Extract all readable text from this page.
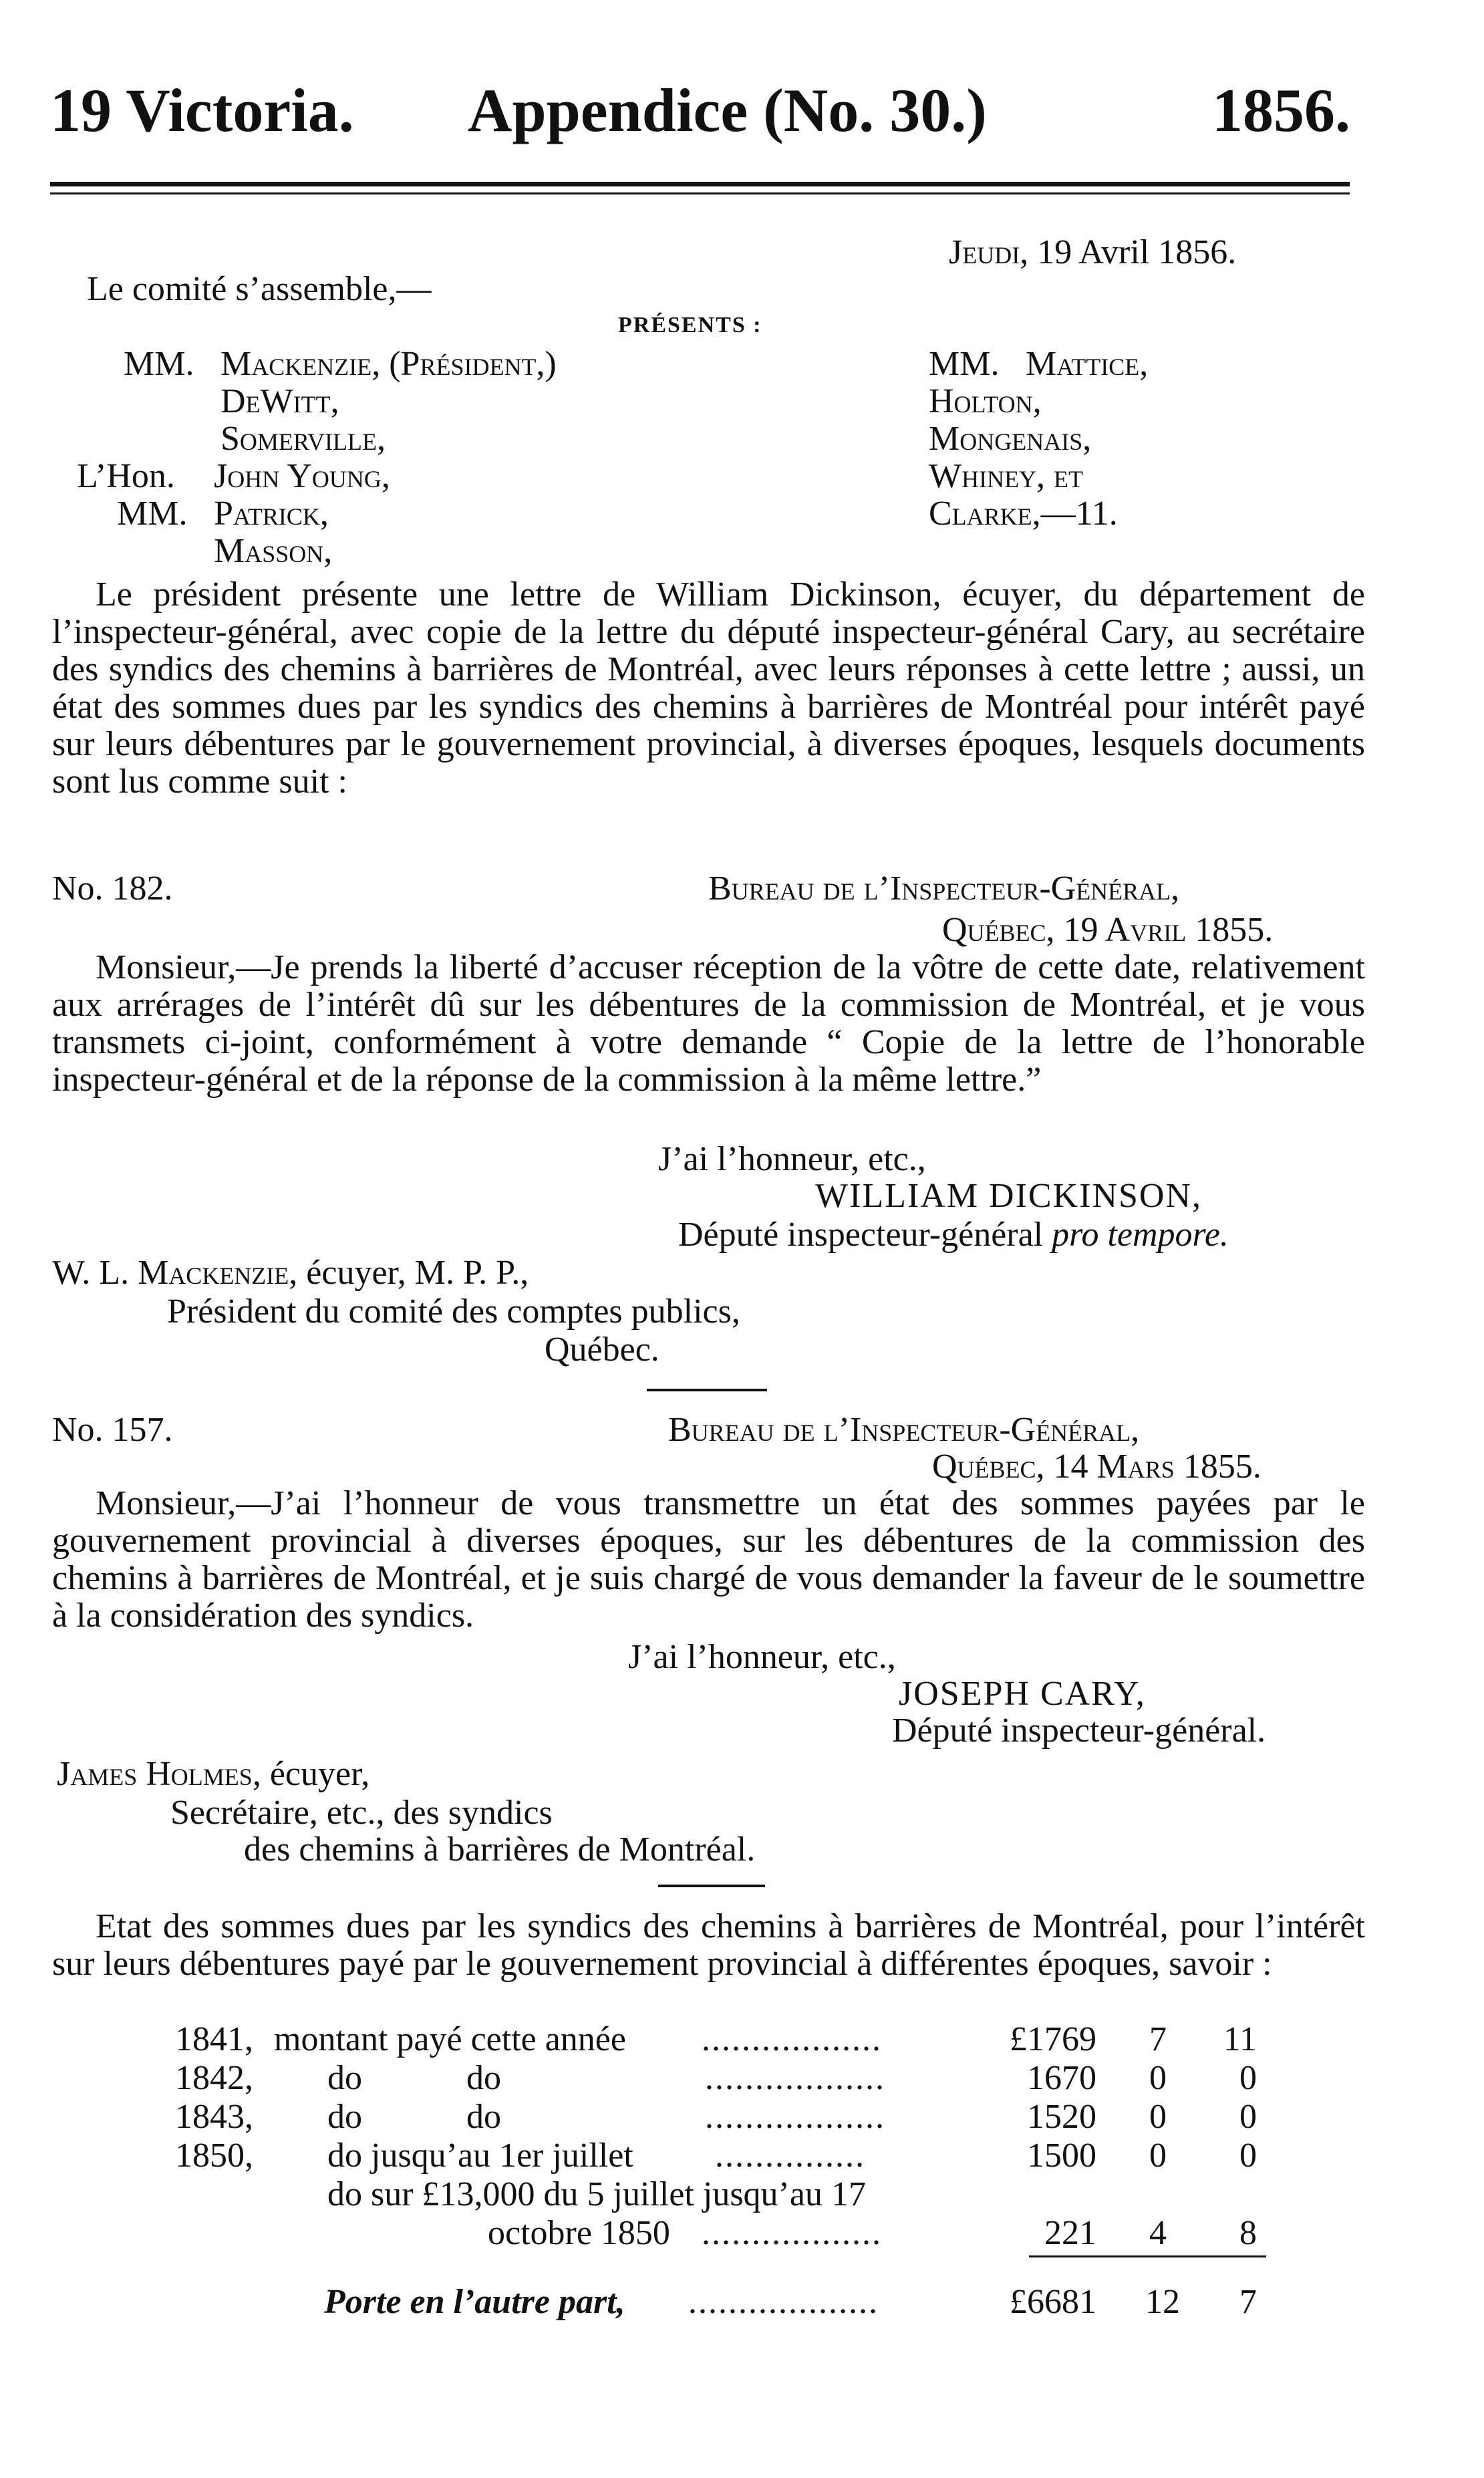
19 Victoria. Appendice (No. 30.)	1856.
Jeudi, 19 Avril 1856.
Le comité s’assemble,—
PRÉSENTS :
MM. Mackenzie, (Président,)
DeWitt,
Somerville,
L’Hon. John Young,
MM. Patrick,
Masson,
MM. Mattice,
Holton,
Mongenais,
Whiney, et
Clarke,—11.
Le président présente une lettre de William Dickinson, écuyer, du département de l’inspecteur-général, avec copie de la lettre du député inspecteur-général Cary, au secrétaire des syndics des chemins à barrières de Montréal, avec leurs réponses à cette lettre ; aussi, un état des sommes dues par les syndics des chemins à barrières de Montréal pour intérêt payé sur leurs débentures par le gouvernement provincial, à diverses époques, lesquels documents sont lus comme suit :
No. 182.	Bureau de l’Inspecteur-Général,
Québec, 19 Avril 1855.
Monsieur,—Je prends la liberté d’accuser réception de la vôtre de cette date, relativement aux arrérages de l’intérêt dû sur les débentures de la commission de Montréal, et je vous transmets ci-joint, conformément à votre demande “ Copie de la lettre de l’honorable inspecteur-général et de la réponse de la commission à la même lettre.”
J’ai l’honneur, etc.,
WILLIAM DICKINSON,
Député inspecteur-général pro tempore.
W. L. Mackenzie, écuyer, M. P. P.,
Président du comité des comptes publics,
Québec.
No. 157.	Bureau de l’Inspecteur-Général,
Québec, 14 Mars 1855.
Monsieur,—J’ai l’honneur de vous transmettre un état des sommes payées par le gouvernement provincial à diverses époques, sur les débentures de la commission des chemins à barrières de Montréal, et je suis chargé de vous demander la faveur de le soumettre à la considération des syndics.
J’ai l’honneur, etc.,
JOSEPH CARY,
Député inspecteur-général.
James Holmes, écuyer,
Secrétaire, etc., des syndics
des chemins à barrières de Montréal.
Etat des sommes dues par les syndics des chemins à barrières de Montréal, pour l’intérêt sur leurs débentures payé par le gouvernement provincial à différentes époques, savoir :
1841, montant payé cette année ..................	£1769 7 11
1842, do            do	..................	1670 0 0
1843, do            do	..................	1520 0 0
1850, do jusqu’au 1er juillet ...............	1500 0 0
do sur £13,000 du 5 juillet jusqu’au 17
octobre 1850 ..................	221 4 8
Porte en l’autre part, ...................	£6681 12 7
